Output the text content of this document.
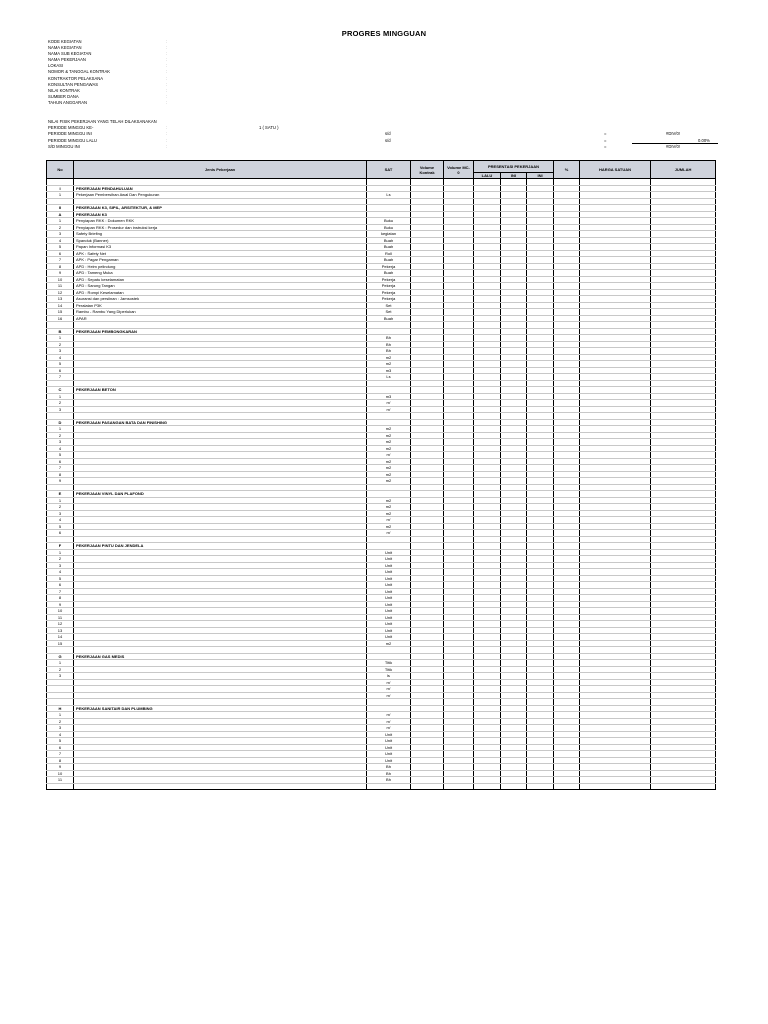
PROGRES MINGGUAN
KODE KEGIATAN	:
NAMA KEGIATAN	:
NAMA SUB KEGIATAN	:
NAMA PEKERJAAN	:
LOKASI	:
NOMOR & TANGGAL KONTRAK	:
KONTRAKTOR PELAKSANA	:
KONSULTAN PENGAWAS	:
NILAI KONTRAK	:
SUMBER DANA	:
TAHUN ANGGARAN	:
NILAI FISIK PEKERJAAN YANG TELAH DILAKSANAKAN
PERIODE MINGGU KE-	:	1 ( SATU )
PERIODE MINGGU INI	:	s/d	=	#DIV/0!
PERIODE MINGGU LALU	:	s/d	=	0.00%
S/D MINGGU INI	:	=	#DIV/0!
No	Jenis Pekerjaan	SAT	Volume Kontrak	Volume MC-0	PRESENTASI PEKERJAAN			%	HARGA SATUAN	JUMLAH
					LALU	INI	INI			

I	PEKERJAAN PENDAHULUAN									
1	Pekerjaan Pembersihan Awal Dan Pengukuran	Ls								

II	PEKERJAAN K3, SIPIL, ARSITEKTUR, & MEP									
A	PEKERJAAN K3									
1	Penyiapan RKK : Dokumen RKK	Buku								
2	Penyiapan RKK : Prosedur dan instruksi kerja	Buku								
3	Safety Briefing	kegiatan								
4	Spanduk (Banner)	Buah								
5	Papan Informasi K3	Buah								
6	APK : Safety Net	Roll								
7	APK : Pagar Pengaman	Buah								
8	APD : Helm pelindung	Pekerja								
9	APD : Tameng Muka	Buah								
10	APD : Sepatu keselamatan	Pekerja								
11	APD : Sarung Tangan	Pekerja								
12	APD : Rompi Keselamatan	Pekerja								
13	Asuransi dan persiinan : Jamsostek	Pekerja								
14	Peralatan P3K	Set								
15	Rambu - Rambu Yang Diperlukan	Set								
16	APAR	Buah								

B	PEKERJAAN PEMBONGKARAN									
1		Bh								
2		Bh								
3		Bh								
4		m2								
5		m2								
6		m3								
7		Ls								

C	PEKERJAAN BETON									
1		m3								
2		m'								
3		m'								

D	PEKERJAAN PASANGAN BATA DAN FINISHING									
1		m2								
2		m2								
3		m2								
4		m2								
5		m'								
6		m2								
7		m2								
8		m2								
9		m2								

E	PEKERJAAN VINYL DAN PLAFOND									
1		m2								
2		m2								
3		m2								
4		m'								
5		m2								
6		m'								

F	PEKERJAAN PINTU DAN JENDELA									
1		Unit								
2		Unit								
3		Unit								
4		Unit								
5		Unit								
6		Unit								
7		Unit								
8		Unit								
9		Unit								
10		Unit								
11		Unit								
12		Unit								
13		Unit								
14		Unit								
15		m2								

G	PEKERJAAN GAS MEDIS									
1		Titik								
2		Titik								
3		ls								
		m'								
		m'								
		m'								

H	PEKERJAAN SANITAIR DAN PLUMBING									
1		m'								
2		m'								
3		m'								
4		Unit								
5		Unit								
6		Unit								
7		Unit								
8		Unit								
9		Bh								
10		Bh								
11		Bh								
